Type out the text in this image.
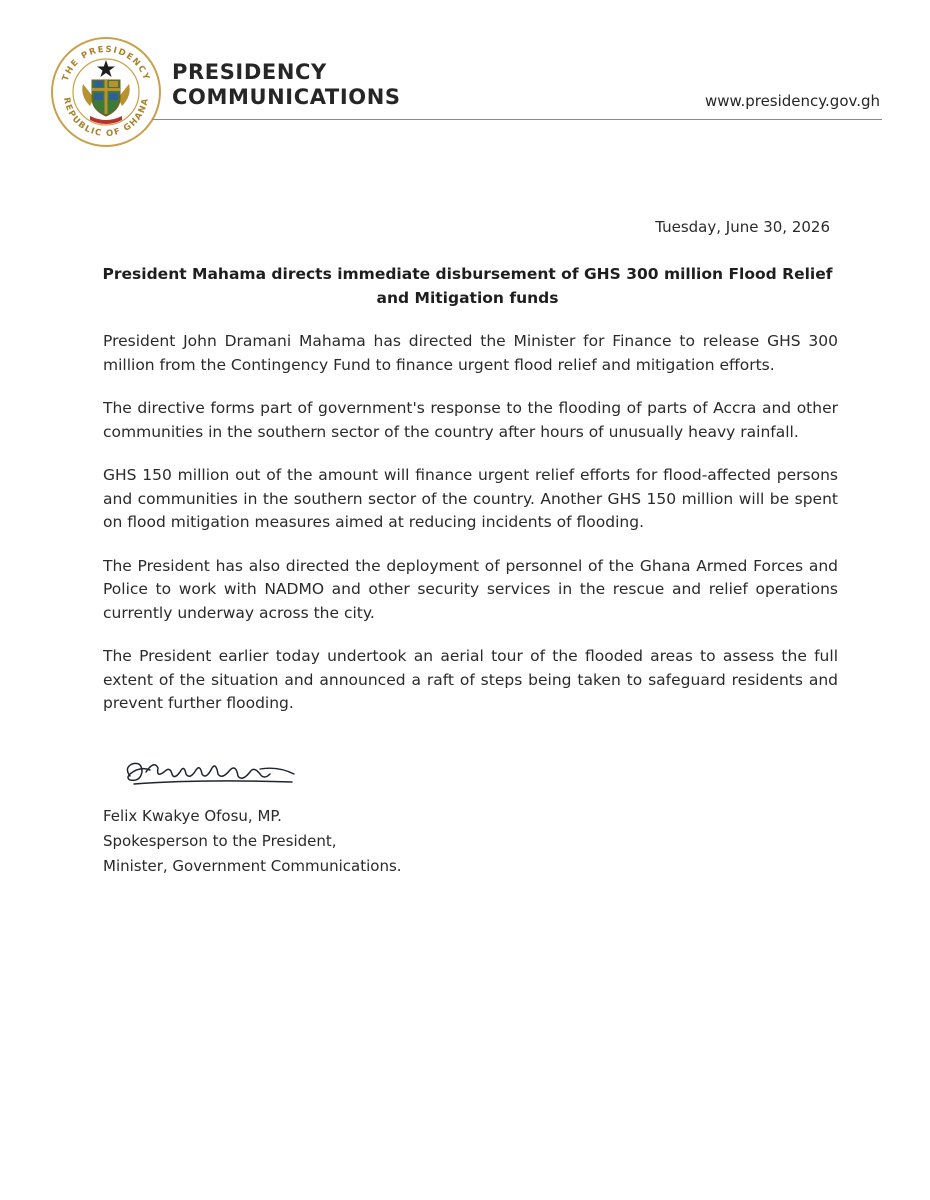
THE PRESIDENCY
REPUBLIC OF GHANA
PRESIDENCY
COMMUNICATIONS	www.presidency.gov.gh
Tuesday, June 30, 2026
President Mahama directs immediate disbursement of GHS 300 million Flood Relief and Mitigation funds

President John Dramani Mahama has directed the Minister for Finance to release GHS 300 million from the Contingency Fund to finance urgent flood relief and mitigation efforts.

The directive forms part of government's response to the flooding of parts of Accra and other communities in the southern sector of the country after hours of unusually heavy rainfall.

GHS 150 million out of the amount will finance urgent relief efforts for flood-affected persons and communities in the southern sector of the country. Another GHS 150 million will be spent on flood mitigation measures aimed at reducing incidents of flooding.

The President has also directed the deployment of personnel of the Ghana Armed Forces and Police to work with NADMO and other security services in the rescue and relief operations currently underway across the city.

The President earlier today undertook an aerial tour of the flooded areas to assess the full extent of the situation and announced a raft of steps being taken to safeguard residents and prevent further flooding.

Felix Kwakye Ofosu, MP.
Spokesperson to the President,
Minister, Government Communications.
